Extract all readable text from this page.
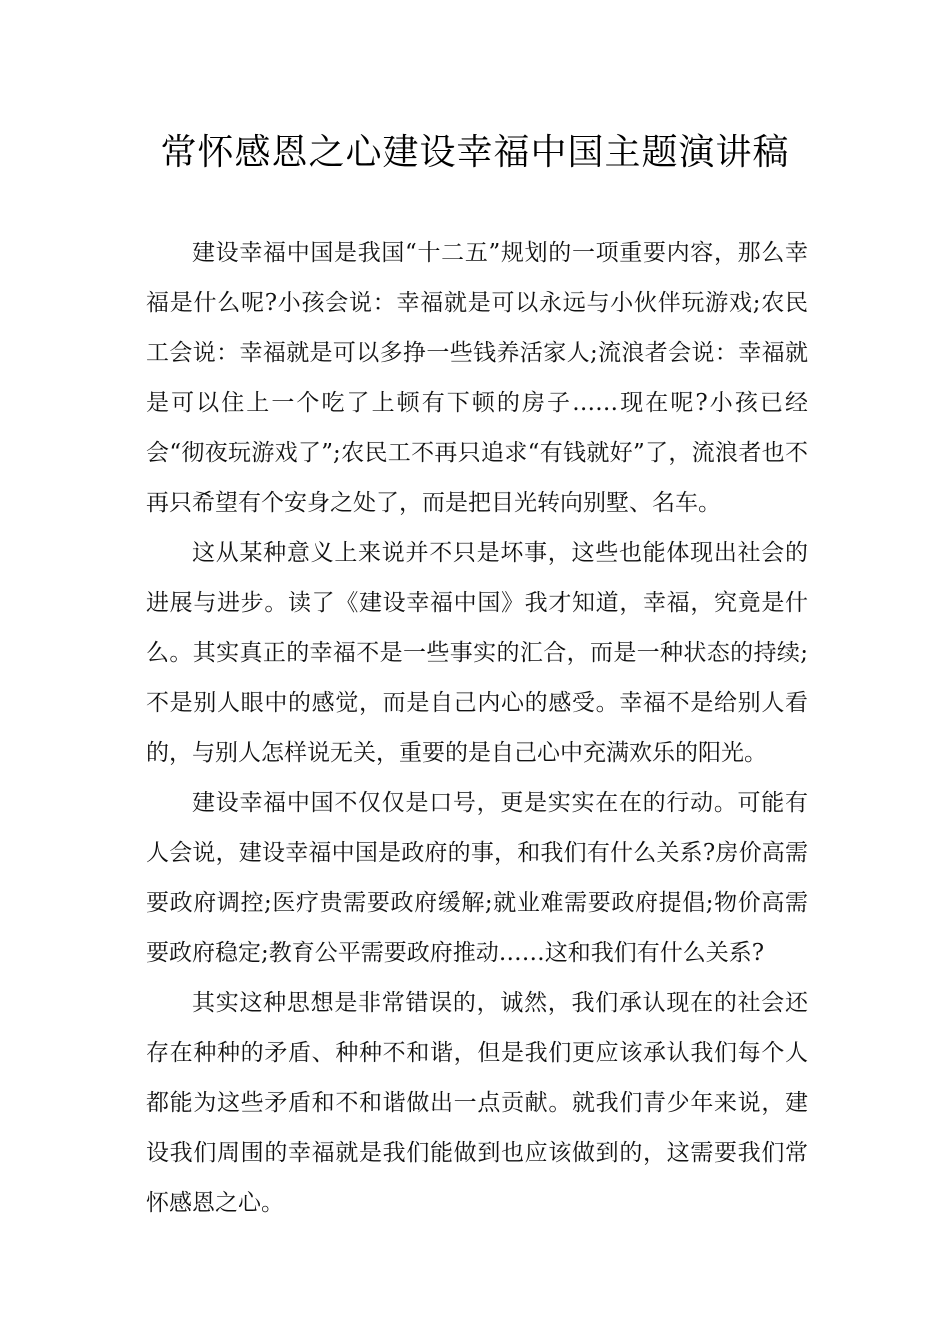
常怀感恩之心建设幸福中国主题演讲稿

建设幸福中国是我国“十二五”规划的一项重要内容，那么幸福是什么呢?小孩会说：幸福就是可以永远与小伙伴玩游戏;农民工会说：幸福就是可以多挣一些钱养活家人;流浪者会说：幸福就是可以住上一个吃了上顿有下顿的房子……现在呢?小孩已经会“彻夜玩游戏了”;农民工不再只追求“有钱就好”了，流浪者也不再只希望有个安身之处了，而是把目光转向别墅、名车。

这从某种意义上来说并不只是坏事，这些也能体现出社会的进展与进步。读了《建设幸福中国》我才知道，幸福，究竟是什么。其实真正的幸福不是一些事实的汇合，而是一种状态的持续;不是别人眼中的感觉，而是自己内心的感受。幸福不是给别人看的，与别人怎样说无关，重要的是自己心中充满欢乐的阳光。

建设幸福中国不仅仅是口号，更是实实在在的行动。可能有人会说，建设幸福中国是政府的事，和我们有什么关系?房价高需要政府调控;医疗贵需要政府缓解;就业难需要政府提倡;物价高需要政府稳定;教育公平需要政府推动……这和我们有什么关系?

其实这种思想是非常错误的，诚然，我们承认现在的社会还存在种种的矛盾、种种不和谐，但是我们更应该承认我们每个人都能为这些矛盾和不和谐做出一点贡献。就我们青少年来说，建设我们周围的幸福就是我们能做到也应该做到的，这需要我们常怀感恩之心。
